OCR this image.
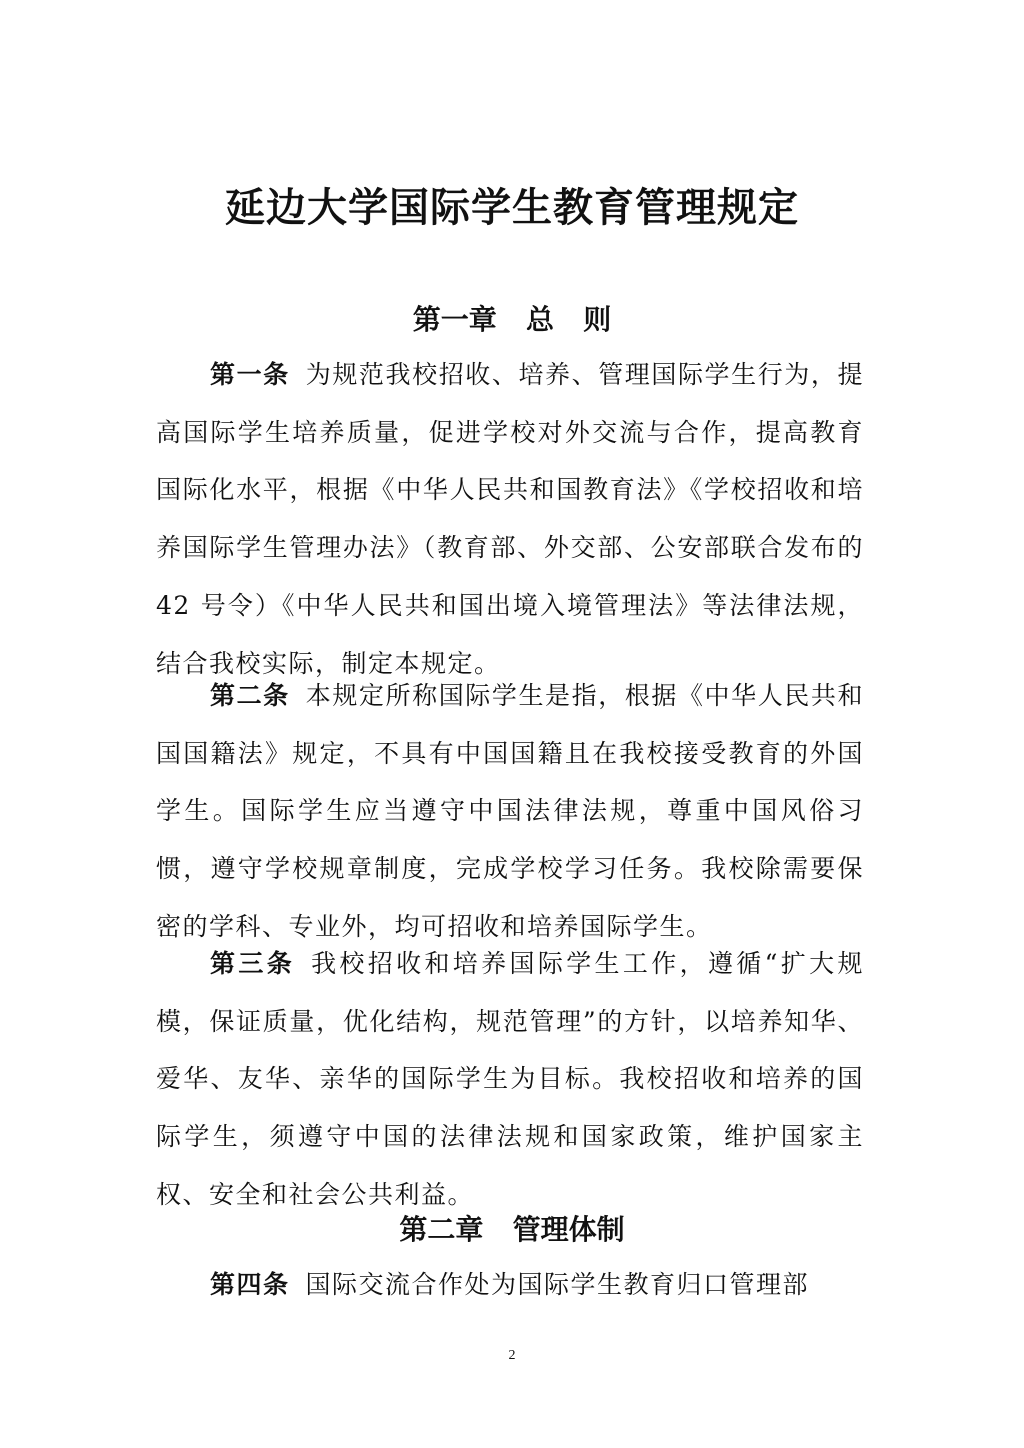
延边大学国际学生教育管理规定
第一章   总   则

第一条 为规范我校招收、培养、管理国际学生行为，提高国际学生培养质量，促进学校对外交流与合作，提高教育国际化水平，根据《中华人民共和国教育法》《学校招收和培养国际学生管理办法》（教育部、外交部、公安部联合发布的 42 号令）《中华人民共和国出境入境管理法》等法律法规，结合我校实际，制定本规定。

第二条 本规定所称国际学生是指，根据《中华人民共和国国籍法》规定，不具有中国国籍且在我校接受教育的外国学生。国际学生应当遵守中国法律法规，尊重中国风俗习惯，遵守学校规章制度，完成学校学习任务。我校除需要保密的学科、专业外，均可招收和培养国际学生。

第三条 我校招收和培养国际学生工作，遵循“扩大规模，保证质量，优化结构，规范管理”的方针，以培养知华、爱华、友华、亲华的国际学生为目标。我校招收和培养的国际学生，须遵守中国的法律法规和国家政策，维护国家主权、安全和社会公共利益。

第二章   管理体制

第四条 国际交流合作处为国际学生教育归口管理部

2
